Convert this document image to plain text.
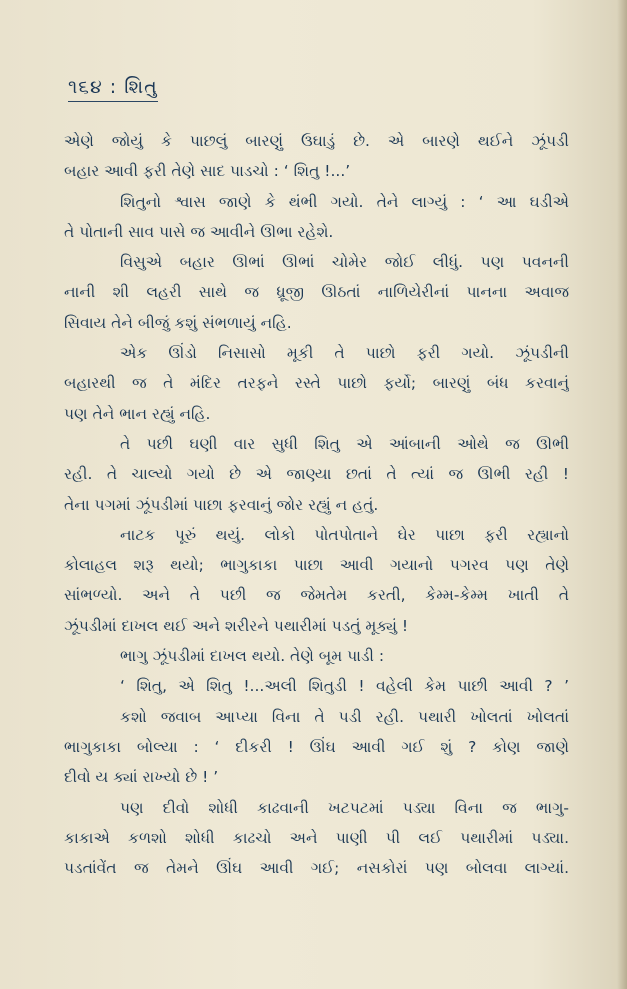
૧૬૪ : શિતુ
એણે જોયું કે પાછલું બારણું ઉઘાડું છે. એ બારણે થઈને ઝૂંપડી
બહાર આવી ફરી તેણે સાદ પાડચો : ‘ શિતુ !...’
શિતુનો શ્વાસ જાણે કે થંભી ગયો. તેને લાગ્યું : ‘ આ ઘડીએ
તે પોતાની સાવ પાસે જ આવીને ઊભા રહેશે.
વિસુએ બહાર ઊભાં ઊભાં ચોમેર જોઈ લીધું. પણ પવનની
નાની શી લહરી સાથે જ ધ્રૂજી ઊઠતાં નાળિયેરીનાં પાનના અવાજ
સિવાય તેને બીજું કશું સંભળાયું નહિ.
એક ઊંડો નિસાસો મૂકી તે પાછો ફરી ગયો. ઝૂંપડીની
બહારથી જ તે મંદિર તરફને રસ્તે પાછો ફર્યો; બારણું બંધ કરવાનું
પણ તેને ભાન રહ્યું નહિ.
તે પછી ઘણી વાર સુધી શિતુ એ આંબાની ઓથે જ ઊભી
રહી. તે ચાલ્યો ગયો છે એ જાણ્યા છતાં તે ત્યાં જ ઊભી રહી !
તેના પગમાં ઝૂંપડીમાં પાછા ફરવાનું જોર રહ્યું ન હતું.
નાટક પૂરું થયું. લોકો પોતપોતાને ઘેર પાછા ફરી રહ્યાનો
કોલાહલ શરૂ થયો; ભાગુકાકા પાછા આવી ગયાનો પગરવ પણ તેણે
સાંભળ્યો. અને તે પછી જ જેમતેમ કરતી, કેમ્મ-કેમ્મ ખાતી તે
ઝૂંપડીમાં દાખલ થઈ અને શરીરને પથારીમાં પડતું મૂક્યું !
ભાગુ ઝૂંપડીમાં દાખલ થયો. તેણે બૂમ પાડી :
‘ શિતુ, એ શિતુ !...અલી શિતુડી ! વહેલી કેમ પાછી આવી ? ’
કશો જવાબ આપ્યા વિના તે પડી રહી. પથારી ખોલતાં ખોલતાં
ભાગુકાકા બોલ્યા : ‘ દીકરી ! ઊંઘ આવી ગઈ શું ? કોણ જાણે
દીવો ય ક્યાં રાખ્યો છે ! ’
પણ દીવો શોધી કાઢવાની ખટપટમાં પડ્યા વિના જ ભાગુ-
કાકાએ કળશો શોધી કાઢચો અને પાણી પી લઈ પથારીમાં પડ્યા.
પડતાંવેંત જ તેમને ઊંઘ આવી ગઈ; નસકોરાં પણ બોલવા લાગ્યાં.
